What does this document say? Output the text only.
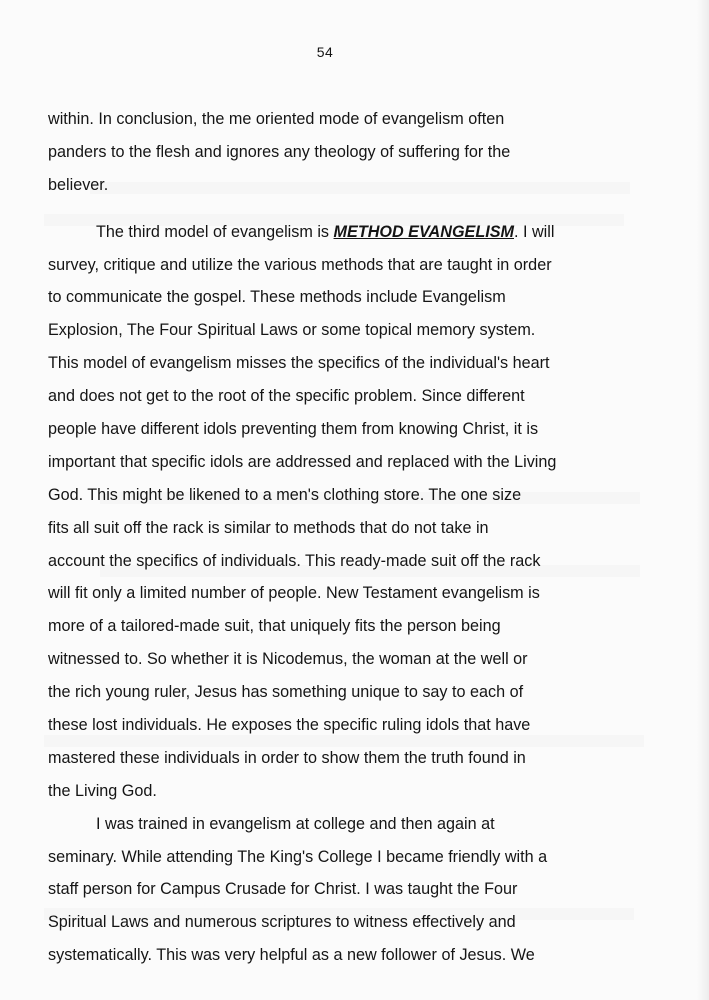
54
within. In conclusion, the me oriented mode of evangelism often
panders to the flesh and ignores any theology of suffering for the
believer.
The third model of evangelism is METHOD EVANGELISM. I will
survey, critique and utilize the various methods that are taught in order
to communicate the gospel. These methods include Evangelism
Explosion, The Four Spiritual Laws or some topical memory system.
This model of evangelism misses the specifics of the individual's heart
and does not get to the root of the specific problem. Since different
people have different idols preventing them from knowing Christ, it is
important that specific idols are addressed and replaced with the Living
God. This might be likened to a men's clothing store. The one size
fits all suit off the rack is similar to methods that do not take in
account the specifics of individuals. This ready-made suit off the rack
will fit only a limited number of people. New Testament evangelism is
more of a tailored-made suit, that uniquely fits the person being
witnessed to. So whether it is Nicodemus, the woman at the well or
the rich young ruler, Jesus has something unique to say to each of
these lost individuals. He exposes the specific ruling idols that have
mastered these individuals in order to show them the truth found in
the Living God.
I was trained in evangelism at college and then again at
seminary. While attending The King's College I became friendly with a
staff person for Campus Crusade for Christ. I was taught the Four
Spiritual Laws and numerous scriptures to witness effectively and
systematically. This was very helpful as a new follower of Jesus. We
